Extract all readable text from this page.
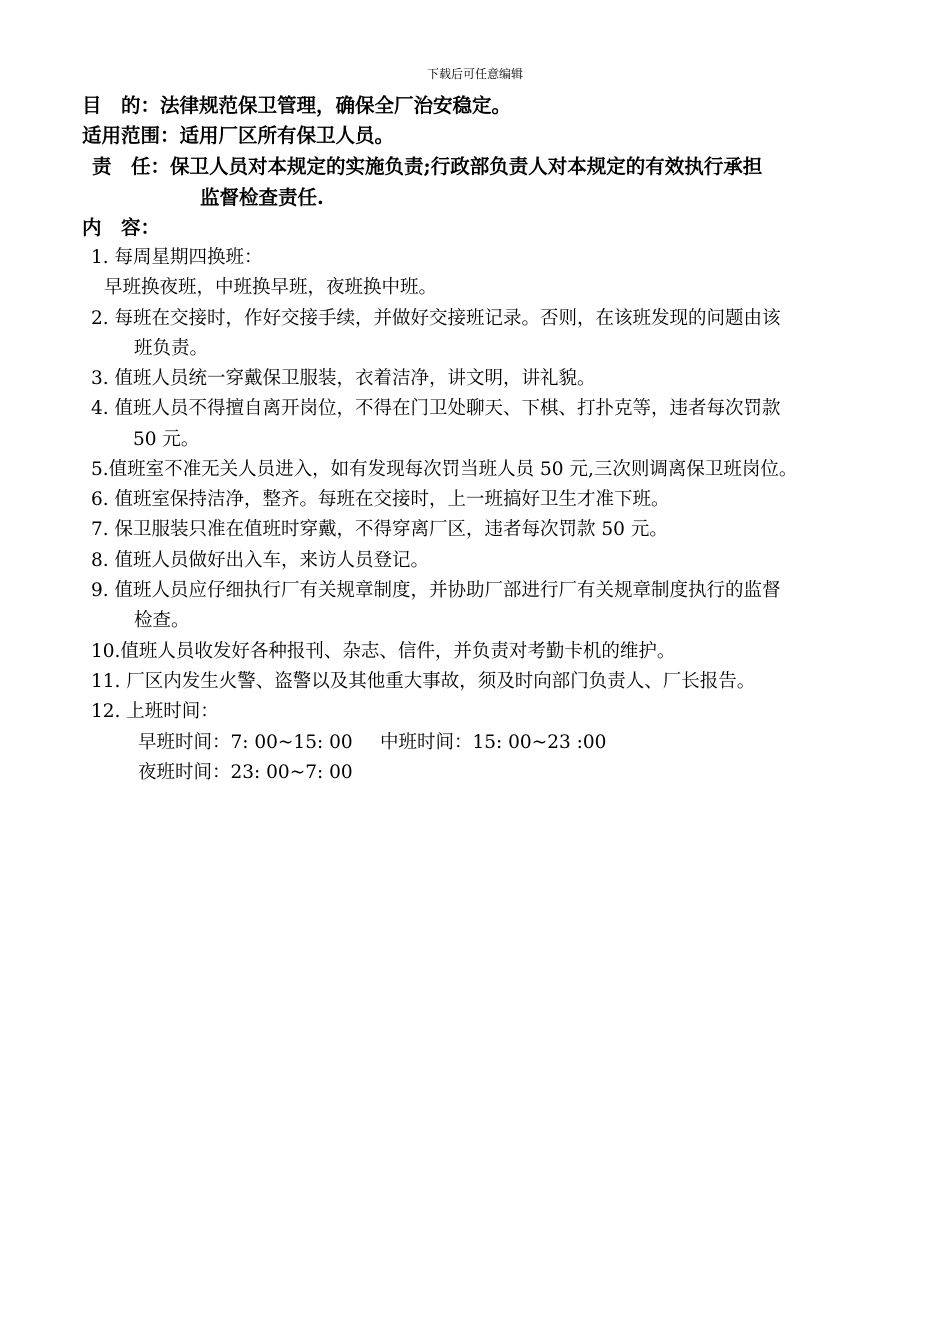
下载后可任意编辑
目　的：法律规范保卫管理，确保全厂治安稳定。
适用范围：适用厂区所有保卫人员。
责　任：保卫人员对本规定的实施负责;行政部负责人对本规定的有效执行承担
监督检查责任.
内　容：
1. 每周星期四换班：
早班换夜班，中班换早班，夜班换中班。
2. 每班在交接时，作好交接手续，并做好交接班记录。否则，在该班发现的问题由该
班负责。
3. 值班人员统一穿戴保卫服装，衣着洁净，讲文明，讲礼貌。
4. 值班人员不得擅自离开岗位，不得在门卫处聊天、下棋、打扑克等，违者每次罚款
50 元。
5.值班室不准无关人员进入，如有发现每次罚当班人员 50 元,三次则调离保卫班岗位。
6. 值班室保持洁净，整齐。每班在交接时，上一班搞好卫生才准下班。
7. 保卫服装只准在值班时穿戴，不得穿离厂区，违者每次罚款 50 元。
8. 值班人员做好出入车，来访人员登记。
9. 值班人员应仔细执行厂有关规章制度，并协助厂部进行厂有关规章制度执行的监督
检查。
10.值班人员收发好各种报刊、杂志、信件，并负责对考勤卡机的维护。
11. 厂区内发生火警、盗警以及其他重大事故，须及时向部门负责人、厂长报告。
12. 上班时间：
早班时间：7: 00~15: 00 中班时间：15: 00~23 :00
夜班时间：23: 00~7: 00
